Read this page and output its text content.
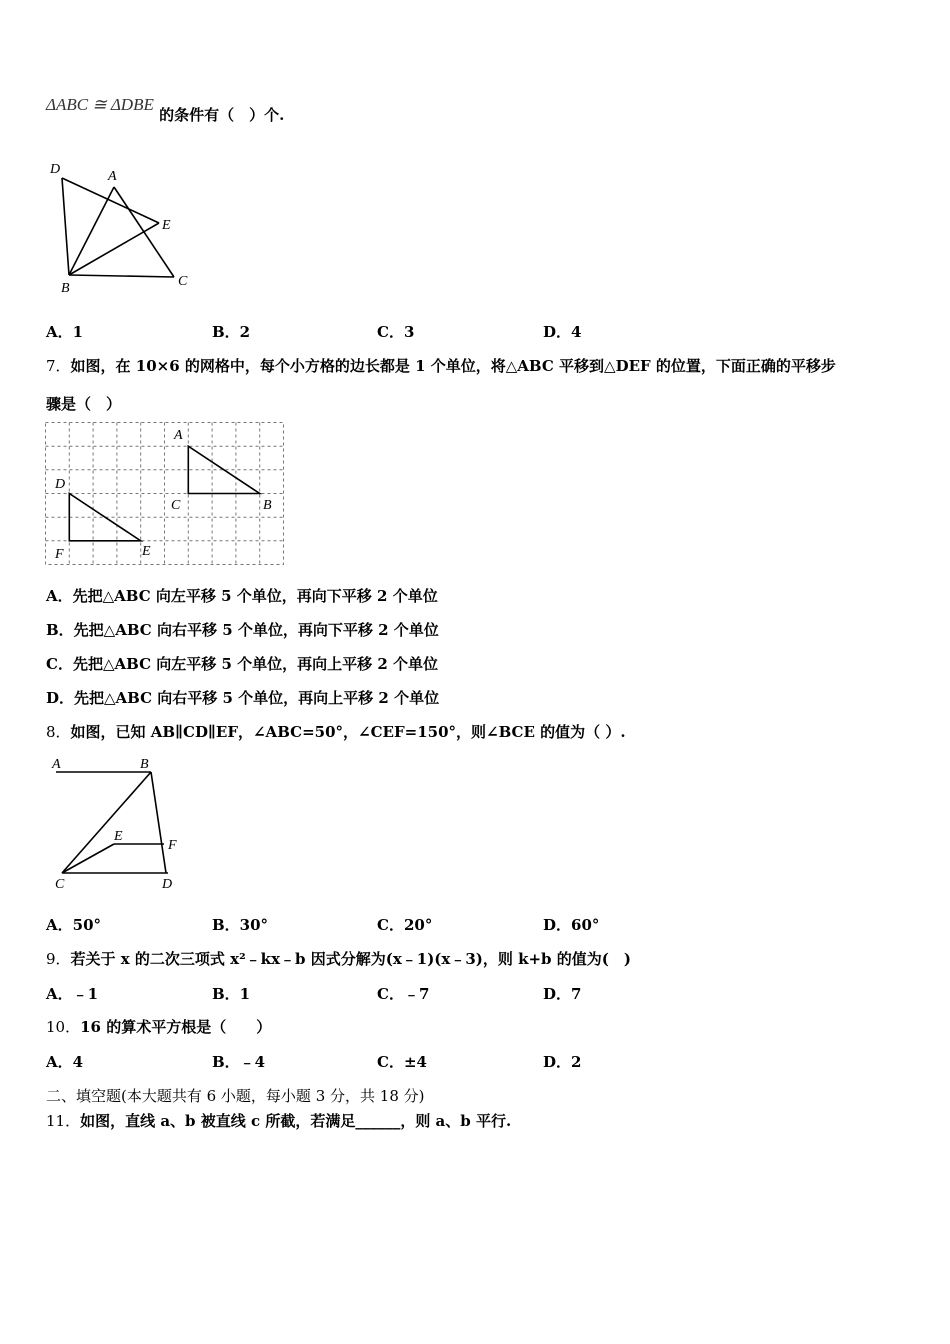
ΔABC ≅ ΔDBE 的条件有（　）个.
D	A
E
B	C
A．1	B．2	C．3	D．4
7．如图，在 10×6 的网格中，每个小方格的边长都是 1 个单位，将△ABC 平移到△DEF 的位置，下面正确的平移步
骤是（　）
A
C	B
D
F	E
A．先把△ABC 向左平移 5 个单位，再向下平移 2 个单位
B．先把△ABC 向右平移 5 个单位，再向下平移 2 个单位
C．先把△ABC 向左平移 5 个单位，再向上平移 2 个单位
D．先把△ABC 向右平移 5 个单位，再向上平移 2 个单位
8．如图，已知 AB∥CD∥EF，∠ABC=50°，∠CEF=150°，则∠BCE 的值为（ ）.
A	B
E
F
C	D
A．50°	B．30°	C．20°	D．60°
9．若关于 x 的二次三项式 x²﹣kx﹣b 因式分解为(x﹣1)(x﹣3)，则 k+b 的值为(　)
A．﹣1	B．1	C．﹣7	D．7
10．16 的算术平方根是（　　）
A．4	B．﹣4	C．±4	D．2
二、填空题(本大题共有 6 小题，每小题 3 分，共 18 分)
11．如图，直线 a、b 被直线 c 所截，若满足______，则 a、b 平行.
